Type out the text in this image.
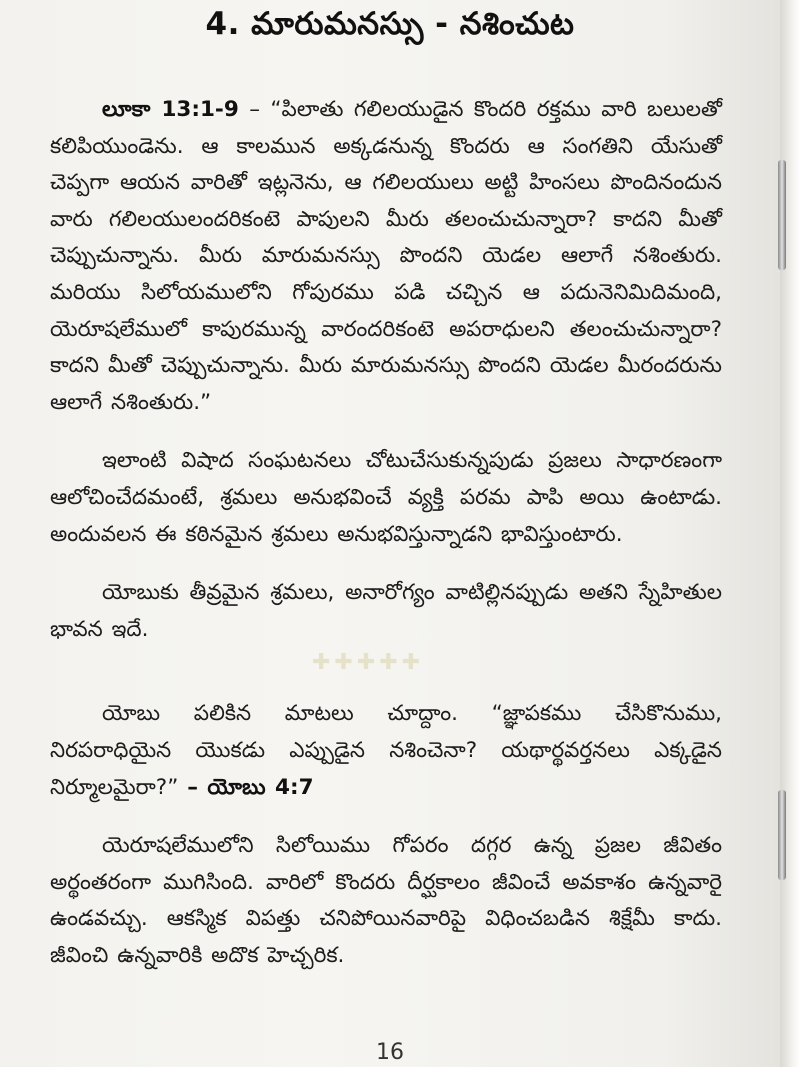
4. మారుమనస్సు - నశించుట

లూకా 13:1-9 – “పిలాతు గలిలయుడైన కొందరి రక్తము వారి బలులతో కలిపియుండెను. ఆ కాలమున అక్కడనున్న కొందరు ఆ సంగతిని యేసుతో చెప్పగా ఆయన వారితో ఇట్లనెను, ఆ గలిలయులు అట్టి హింసలు పొందినందున వారు గలిలయులందరికంటె పాపులని మీరు తలంచుచున్నారా? కాదని మీతో చెప్పుచున్నాను. మీరు మారుమనస్సు పొందని యెడల ఆలాగే నశింతురు. మరియు సిలోయములోని గోపురము పడి చచ్చిన ఆ పదునెనిమిదిమంది, యెరూషలేములో కాపురమున్న వారందరికంటె అపరాధులని తలంచుచున్నారా? కాదని మీతో చెప్పుచున్నాను. మీరు మారుమనస్సు పొందని యెడల మీరందరును ఆలాగే నశింతురు.”

ఇలాంటి విషాద సంఘటనలు చోటుచేసుకున్నపుడు ప్రజలు సాధారణంగా ఆలోచించేదమంటే, శ్రమలు అనుభవించే వ్యక్తి పరమ పాపి అయి ఉంటాడు. అందువలన ఈ కఠినమైన శ్రమలు అనుభవిస్తున్నాడని భావిస్తుంటారు.

యోబుకు తీవ్రమైన శ్రమలు, అనారోగ్యం వాటిల్లినప్పుడు అతని స్నేహితుల భావన ఇదే.

✚✚✚✚✚

యోబు పలికిన మాటలు చూద్దాం. “జ్ఞాపకము చేసికొనుము, నిరపరాధియైన యొకడు ఎప్పుడైన నశించెనా? యథార్థవర్తనలు ఎక్కడైన నిర్మూలమైరా?” – యోబు 4:7

యెరూషలేములోని సిలోయిము గోపరం దగ్గర ఉన్న ప్రజల జీవితం అర్థంతరంగా ముగిసింది. వారిలో కొందరు దీర్ఘకాలం జీవించే అవకాశం ఉన్నవారై ఉండవచ్చు. ఆకస్మిక విపత్తు చనిపోయినవారిపై విధించబడిన శిక్షేమీ కాదు. జీవించి ఉన్నవారికి అదొక హెచ్చరిక.

16
